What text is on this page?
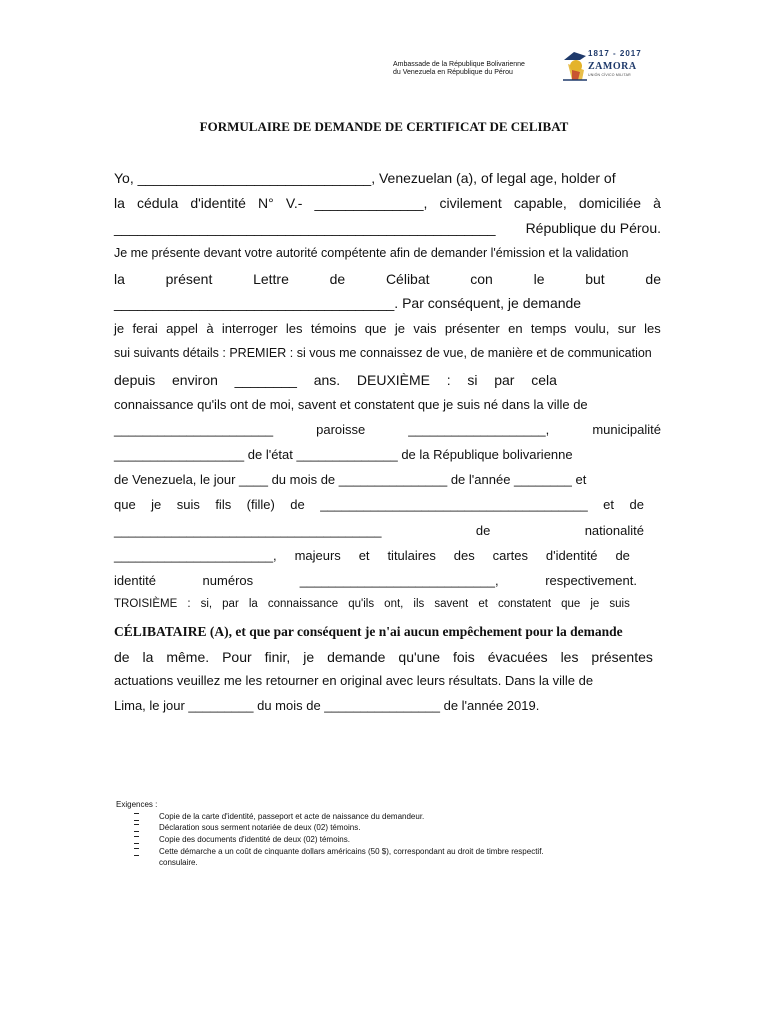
Ambassade de la République Bolivarienne
du Venezuela en République du Pérou
1817 - 2017
ZAMORA
UNIÓN CÍVICO MILITAR
FORMULAIRE DE DEMANDE DE CERTIFICAT DE CELIBAT
Yo, ______________________________, Venezuelan (a), of legal age, holder of
la cédula d'identité N° V.- ______________, civilement capable, domiciliée à
_________________________________________________ République du Pérou.
Je me présente devant votre autorité compétente afin de demander l'émission et la validation
la	présent	Lettre	de	Célibat	con	le	but	de
____________________________________. Par conséquent, je demande
je ferai appel à interroger les témoins que je vais présenter en temps voulu, sur les
sui suivants détails : PREMIER : si vous me connaissez de vue, de manière et de communication
depuis environ ________ ans. DEUXIÈME : si par cela
connaissance qu'ils ont de moi, savent et constatent que je suis né dans la ville de
______________________	paroisse	___________________,	municipalité
__________________ de l'état ______________ de la République bolivarienne
de Venezuela, le jour ____ du mois de _______________ de l'année ________ et
que je suis fils (fille) de _____________________________________ et de
_____________________________________	de	nationalité
______________________, majeurs et titulaires des cartes d'identité de
identité	numéros	___________________________,	respectivement.
TROISIÈME : si, par la connaissance qu'ils ont, ils savent et constatent que je suis
CÉLIBATAIRE (A), et que par conséquent je n'ai aucun empêchement pour la demande
de la même. Pour finir, je demande qu'une fois évacuées les présentes
actuations veuillez me les retourner en original avec leurs résultats. Dans la ville de
Lima, le jour _________ du mois de ________________ de l'année 2019.
Exigences :
Copie de la carte d'identité, passeport et acte de naissance du demandeur.
Déclaration sous serment notariée de deux (02) témoins.
Copie des documents d'identité de deux (02) témoins.
Cette démarche a un coût de cinquante dollars américains (50 $), correspondant au droit de timbre respectif.
consulaire.
